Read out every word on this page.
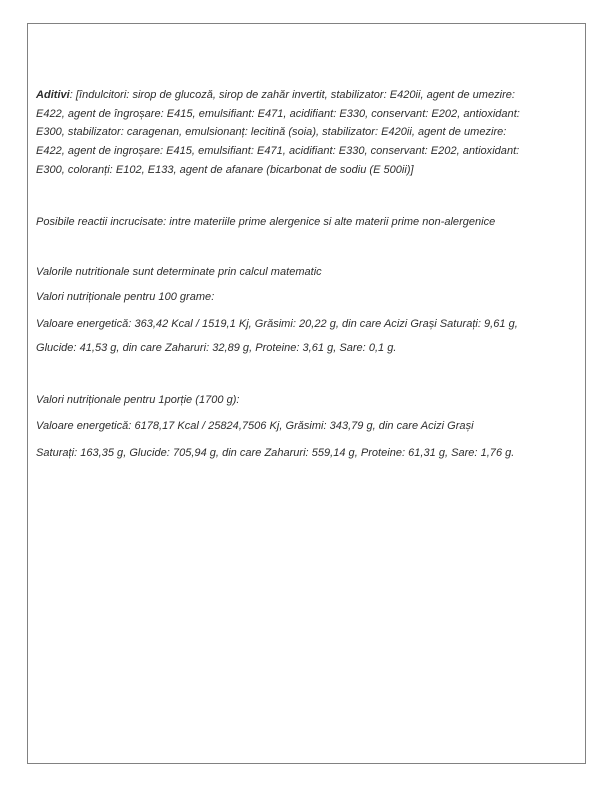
Aditivi: [îndulcitori: sirop de glucoză, sirop de zahăr invertit, stabilizator: E420ii, agent de umezire:
E422, agent de îngroșare: E415, emulsifiant: E471, acidifiant: E330, conservant: E202, antioxidant:
E300, stabilizator: caragenan, emulsionanț: lecitină (soia), stabilizator: E420ii, agent de umezire:
E422, agent de ingroșare: E415, emulsifiant: E471, acidifiant: E330, conservant: E202, antioxidant:
E300, coloranți: E102, E133, agent de afanare (bicarbonat de sodiu (E 500ii)]
Posibile reactii incrucisate: intre materiile prime alergenice si alte materii prime non-alergenice
Valorile nutritionale sunt determinate prin calcul matematic
Valori nutriționale pentru 100 grame:
Valoare energetică: 363,42 Kcal / 1519,1 Kj, Grăsimi: 20,22 g, din care Acizi Grași Saturați: 9,61 g,
Glucide: 41,53 g, din care Zaharuri: 32,89 g, Proteine: 3,61 g, Sare: 0,1 g.
Valori nutriționale pentru 1porție (1700 g):
Valoare energetică: 6178,17 Kcal / 25824,7506 Kj, Grăsimi: 343,79 g, din care Acizi Grași
Saturați: 163,35 g, Glucide: 705,94 g, din care Zaharuri: 559,14 g, Proteine: 61,31 g, Sare: 1,76 g.
